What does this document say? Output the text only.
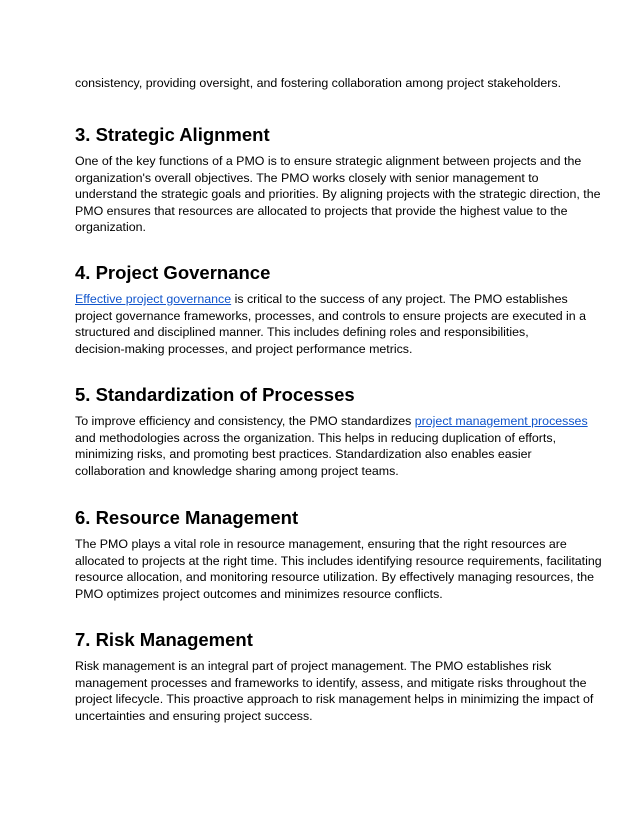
consistency, providing oversight, and fostering collaboration among project stakeholders.

3. Strategic Alignment
One of the key functions of a PMO is to ensure strategic alignment between projects and the
organization's overall objectives. The PMO works closely with senior management to
understand the strategic goals and priorities. By aligning projects with the strategic direction, the
PMO ensures that resources are allocated to projects that provide the highest value to the
organization.
4. Project Governance
Effective project governance is critical to the success of any project. The PMO establishes
project governance frameworks, processes, and controls to ensure projects are executed in a
structured and disciplined manner. This includes defining roles and responsibilities,
decision-making processes, and project performance metrics.
5. Standardization of Processes
To improve efficiency and consistency, the PMO standardizes project management processes
and methodologies across the organization. This helps in reducing duplication of efforts,
minimizing risks, and promoting best practices. Standardization also enables easier
collaboration and knowledge sharing among project teams.
6. Resource Management
The PMO plays a vital role in resource management, ensuring that the right resources are
allocated to projects at the right time. This includes identifying resource requirements, facilitating
resource allocation, and monitoring resource utilization. By effectively managing resources, the
PMO optimizes project outcomes and minimizes resource conflicts.
7. Risk Management
Risk management is an integral part of project management. The PMO establishes risk
management processes and frameworks to identify, assess, and mitigate risks throughout the
project lifecycle. This proactive approach to risk management helps in minimizing the impact of
uncertainties and ensuring project success.
